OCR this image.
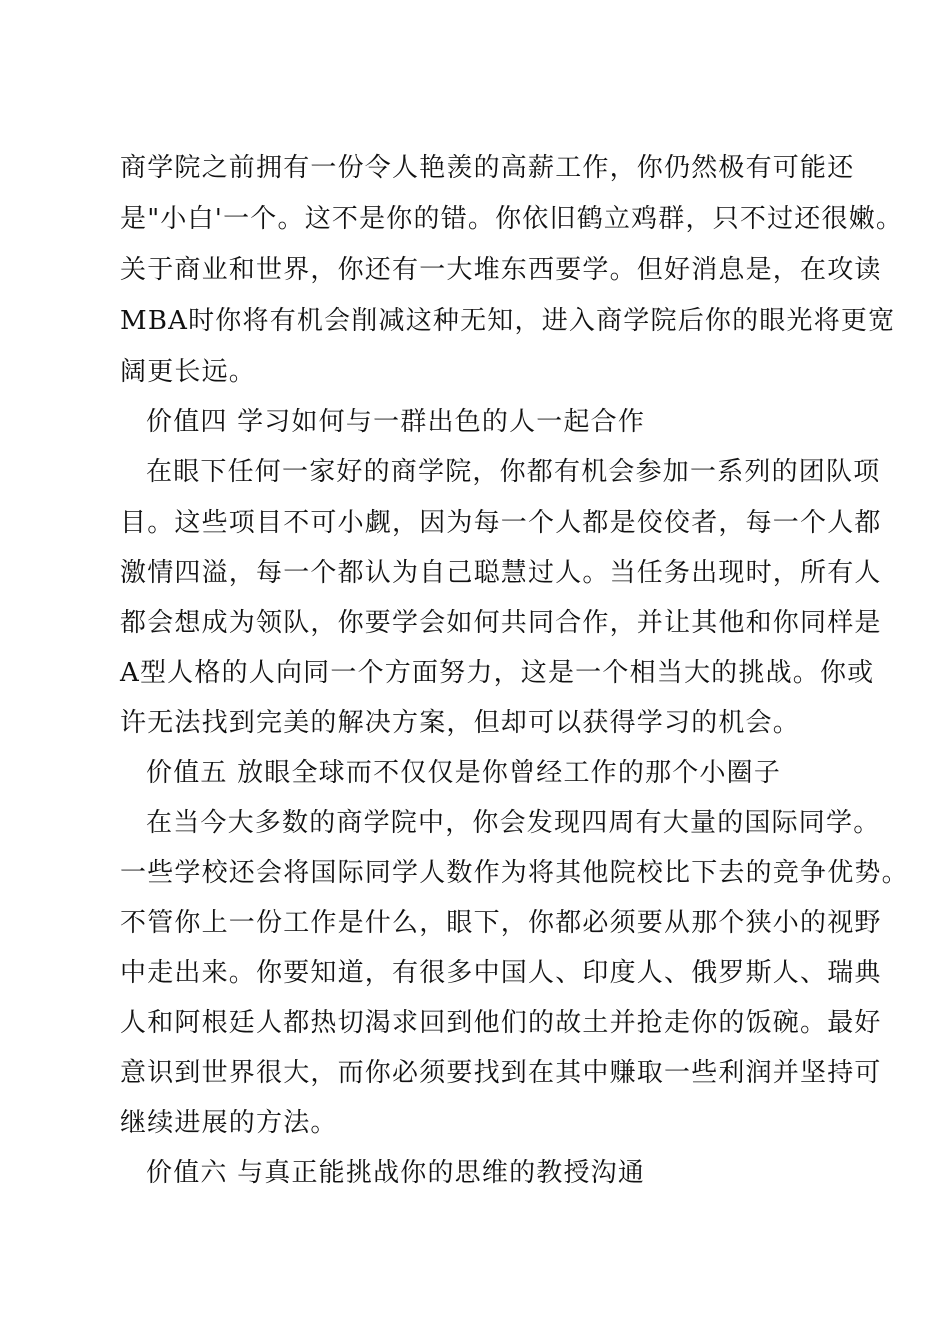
商学院之前拥有一份令人艳羡的高薪工作，你仍然极有可能还
是"小白'一个。这不是你的错。你依旧鹤立鸡群，只不过还很嫩。
关于商业和世界，你还有一大堆东西要学。但好消息是，在攻读
MBA时你将有机会削减这种无知，进入商学院后你的眼光将更宽
阔更长远。
价值四 学习如何与一群出色的人一起合作
在眼下任何一家好的商学院，你都有机会参加一系列的团队项
目。这些项目不可小觑，因为每一个人都是佼佼者，每一个人都
激情四溢，每一个都认为自己聪慧过人。当任务出现时，所有人
都会想成为领队，你要学会如何共同合作，并让其他和你同样是
A型人格的人向同一个方面努力，这是一个相当大的挑战。你或
许无法找到完美的解决方案，但却可以获得学习的机会。
价值五 放眼全球而不仅仅是你曾经工作的那个小圈子
在当今大多数的商学院中，你会发现四周有大量的国际同学。
一些学校还会将国际同学人数作为将其他院校比下去的竞争优势。
不管你上一份工作是什么，眼下，你都必须要从那个狭小的视野
中走出来。你要知道，有很多中国人、印度人、俄罗斯人、瑞典
人和阿根廷人都热切渴求回到他们的故土并抢走你的饭碗。最好
意识到世界很大，而你必须要找到在其中赚取一些利润并坚持可
继续进展的方法。
价值六 与真正能挑战你的思维的教授沟通
